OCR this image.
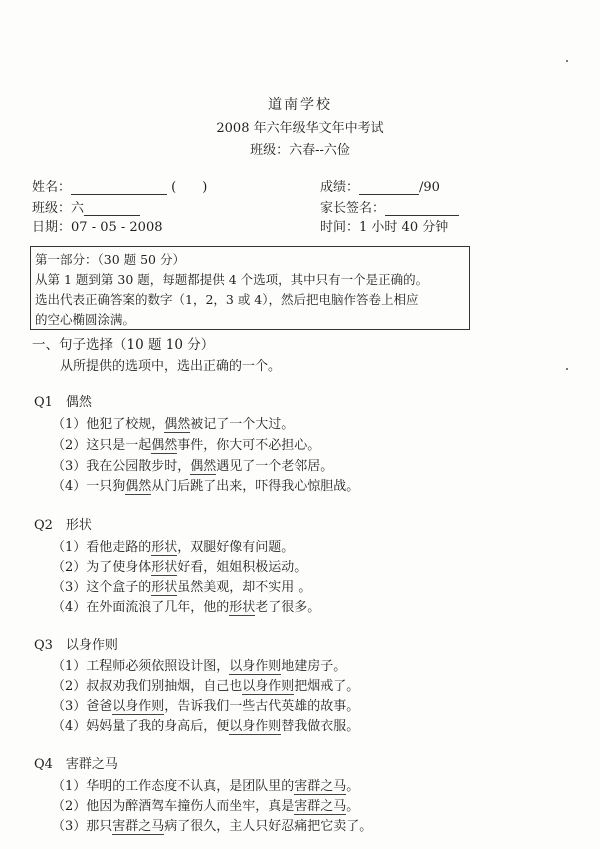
道南学校
2008 年六年级华文年中考试
班级：六春--六俭
姓名：	(　　)	成绩：	/90
班级：六	家长签名：
日期：07 - 05 - 2008	时间：1 小时 40 分钟
第一部分：（30 题 50 分）
从第 1 题到第 30 题，每题都提供 4 个选项，其中只有一个是正确的。
选出代表正确答案的数字（1，2，3 或 4），然后把电脑作答卷上相应
的空心椭圆涂满。
一、句子选择（10 题 10 分）
从所提供的选项中，选出正确的一个。
Q1　偶然
（1）他犯了校规，偶然被记了一个大过。
（2）这只是一起偶然事件，你大可不必担心。
（3）我在公园散步时，偶然遇见了一个老邻居。
（4）一只狗偶然从门后跳了出来，吓得我心惊胆战。
Q2　形状
（1）看他走路的形状，双腿好像有问题。
（2）为了使身体形状好看，姐姐积极运动。
（3）这个盒子的形状虽然美观，却不实用 。
（4）在外面流浪了几年，他的形状老了很多。
Q3　以身作则
（1）工程师必须依照设计图，以身作则地建房子。
（2）叔叔劝我们别抽烟，自己也以身作则把烟戒了。
（3）爸爸以身作则，告诉我们一些古代英雄的故事。
（4）妈妈量了我的身高后，便以身作则替我做衣服。
Q4　害群之马
（1）华明的工作态度不认真，是团队里的害群之马。
（2）他因为醉酒驾车撞伤人而坐牢，真是害群之马。
（3）那只害群之马病了很久，主人只好忍痛把它卖了。
